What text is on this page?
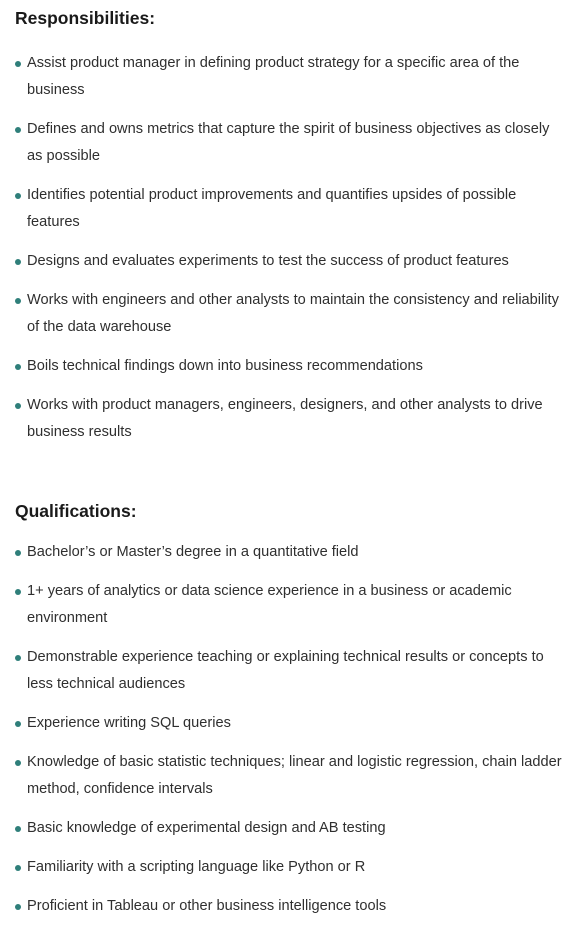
Responsibilities:
Assist product manager in defining product strategy for a specific area of the business
Defines and owns metrics that capture the spirit of business objectives as closely as possible
Identifies potential product improvements and quantifies upsides of possible features
Designs and evaluates experiments to test the success of product features
Works with engineers and other analysts to maintain the consistency and reliability of the data warehouse
Boils technical findings down into business recommendations
Works with product managers, engineers, designers, and other analysts to drive business results
Qualifications:
Bachelor’s or Master’s degree in a quantitative field
1+ years of analytics or data science experience in a business or academic environment
Demonstrable experience teaching or explaining technical results or concepts to less technical audiences
Experience writing SQL queries
Knowledge of basic statistic techniques; linear and logistic regression, chain ladder method, confidence intervals
Basic knowledge of experimental design and AB testing
Familiarity with a scripting language like Python or R
Proficient in Tableau or other business intelligence tools
